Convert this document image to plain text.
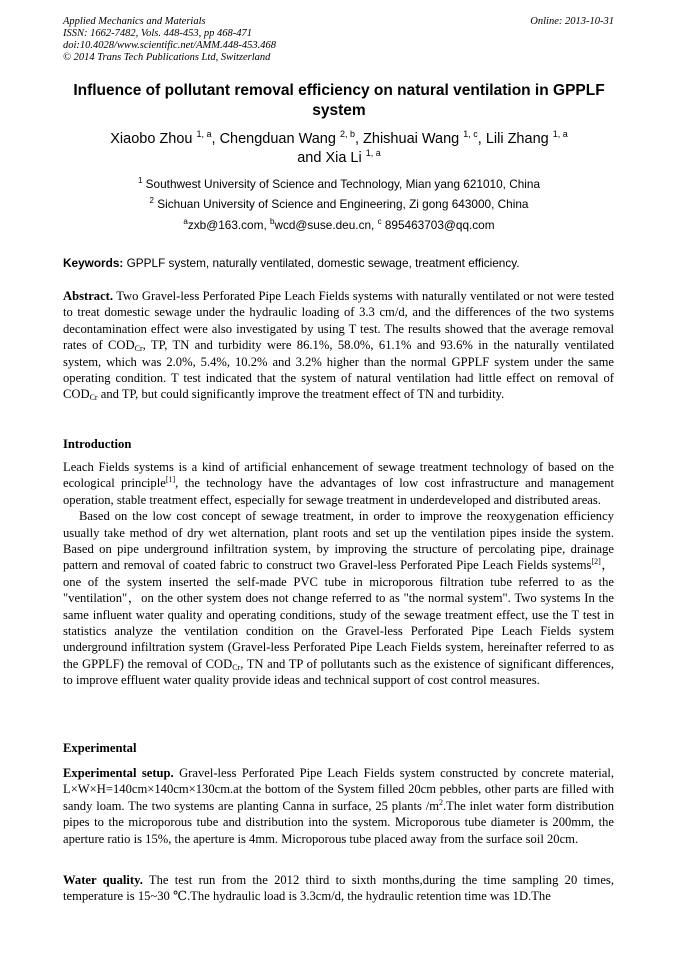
Applied Mechanics and Materials
ISSN: 1662-7482, Vols. 448-453, pp 468-471
doi:10.4028/www.scientific.net/AMM.448-453.468
© 2014 Trans Tech Publications Ltd, Switzerland
Online: 2013-10-31
Influence of pollutant removal efficiency on natural ventilation in GPPLF
system
Xiaobo Zhou $^{1, a}$, Chengduan Wang $^{2, b}$, Zhishuai Wang $^{1, c}$, Lili Zhang $^{1, a}$
and Xia Li $^{1, a}$
$^1$ Southwest University of Science and Technology, Mian yang 621010, China
$^2$ Sichuan University of Science and Engineering, Zi gong 643000, China
$^a$zxb@163.com, $^b$wcd@suse.deu.cn, $^c$ 895463703@qq.com
Keywords: GPPLF system, naturally ventilated, domestic sewage, treatment efficiency.

Abstract. Two Gravel-less Perforated Pipe Leach Fields systems with naturally ventilated or not were tested to treat domestic sewage under the hydraulic loading of 3.3 cm/d, and the differences of the two systems decontamination effect were also investigated by using T test. The results showed that the average removal rates of $COD_{Cr}$, TP, TN and turbidity were 86.1%, 58.0%, 61.1% and 93.6% in the naturally ventilated system, which was 2.0%, 5.4%, 10.2% and 3.2% higher than the normal GPPLF system under the same operating condition. T test indicated that the system of natural ventilation had little effect on removal of $COD_{Cr}$ and TP, but could significantly improve the treatment effect of TN and turbidity.

Introduction

Leach Fields systems is a kind of artificial enhancement of sewage treatment technology of based on the ecological principle[1], the technology have the advantages of low cost infrastructure and management operation, stable treatment effect, especially for sewage treatment in underdeveloped and distributed areas.

Based on the low cost concept of sewage treatment, in order to improve the reoxygenation efficiency usually take method of dry wet alternation, plant roots and set up the ventilation pipes inside the system. Based on pipe underground infiltration system, by improving the structure of percolating pipe, drainage pattern and removal of coated fabric to construct two Gravel-less Perforated Pipe Leach Fields systems[2]，one of the system inserted the self-made PVC tube in microporous filtration tube referred to as the "ventilation"，on the other system does not change referred to as "the normal system". Two systems In the same influent water quality and operating conditions, study of the sewage treatment effect, use the T test in statistics analyze the ventilation condition on the Gravel-less Perforated Pipe Leach Fields system underground infiltration system (Gravel-less Perforated Pipe Leach Fields system, hereinafter referred to as the GPPLF) the removal of $COD_{Cr}$, TN and TP of pollutants such as the existence of significant differences, to improve effluent water quality provide ideas and technical support of cost control measures.

Experimental

Experimental setup. Gravel-less Perforated Pipe Leach Fields system constructed by concrete material, L×W×H=140cm×140cm×130cm.at the bottom of the System filled 20cm pebbles, other parts are filled with sandy loam. The two systems are planting Canna in surface, 25 plants $/m^2.The$ inlet water form distribution pipes to the microporous tube and distribution into the system. Microporous tube diameter is 200mm, the aperture ratio is 15%, the aperture is 4mm. Microporous tube placed away from the surface soil 20cm.

Water quality. The test run from the 2012 third to sixth months,during the time sampling 20 times, temperature is 15~30 ℃.The hydraulic load is 3.3cm/d, the hydraulic retention time was 1D.The
